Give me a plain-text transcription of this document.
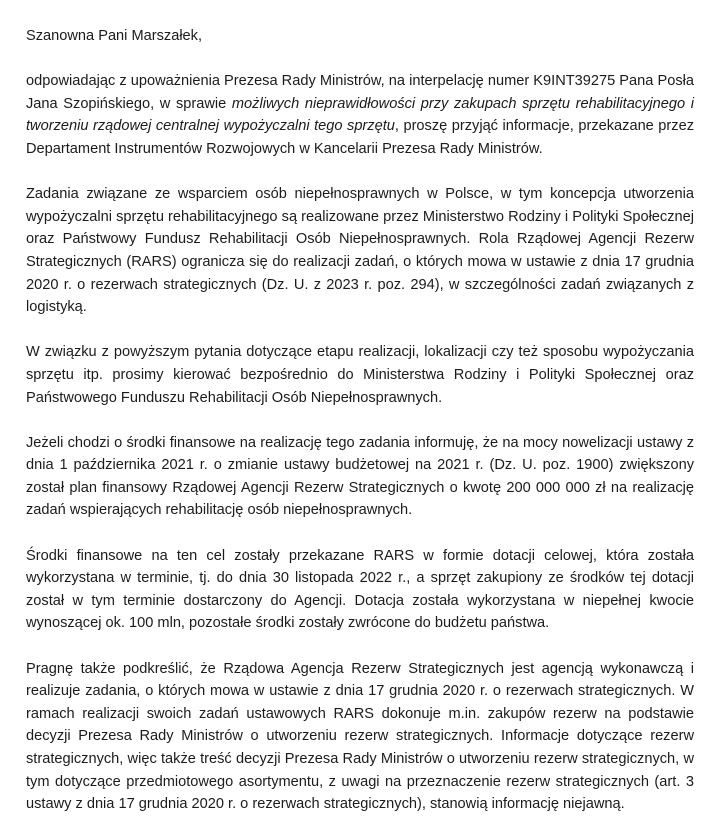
Szanowna Pani Marszałek,

odpowiadając z upoważnienia Prezesa Rady Ministrów, na interpelację numer K9INT39275 Pana Posła Jana Szopińskiego, w sprawie możliwych nieprawidłowości przy zakupach sprzętu rehabilitacyjnego i tworzeniu rządowej centralnej wypożyczalni tego sprzętu, proszę przyjąć informacje, przekazane przez Departament Instrumentów Rozwojowych w Kancelarii Prezesa Rady Ministrów.

Zadania związane ze wsparciem osób niepełnosprawnych w Polsce, w tym koncepcja utworzenia wypożyczalni sprzętu rehabilitacyjnego są realizowane przez Ministerstwo Rodziny i Polityki Społecznej oraz Państwowy Fundusz Rehabilitacji Osób Niepełnosprawnych. Rola Rządowej Agencji Rezerw Strategicznych (RARS) ogranicza się do realizacji zadań, o których mowa w ustawie z dnia 17 grudnia 2020 r. o rezerwach strategicznych (Dz. U. z 2023 r. poz. 294), w szczególności zadań związanych z logistyką.

W związku z powyższym pytania dotyczące etapu realizacji, lokalizacji czy też sposobu wypożyczania sprzętu itp. prosimy kierować bezpośrednio do Ministerstwa Rodziny i Polityki Społecznej oraz Państwowego Funduszu Rehabilitacji Osób Niepełnosprawnych.

Jeżeli chodzi o środki finansowe na realizację tego zadania informuję, że na mocy nowelizacji ustawy z dnia 1 października 2021 r. o zmianie ustawy budżetowej na 2021 r. (Dz. U. poz. 1900) zwiększony został plan finansowy Rządowej Agencji Rezerw Strategicznych o kwotę 200 000 000 zł na realizację zadań wspierających rehabilitację osób niepełnosprawnych.

Środki finansowe na ten cel zostały przekazane RARS w formie dotacji celowej, która została wykorzystana w terminie, tj. do dnia 30 listopada 2022 r., a sprzęt zakupiony ze środków tej dotacji został w tym terminie dostarczony do Agencji. Dotacja została wykorzystana w niepełnej kwocie wynoszącej ok. 100 mln, pozostałe środki zostały zwrócone do budżetu państwa.

Pragnę także podkreślić, że Rządowa Agencja Rezerw Strategicznych jest agencją wykonawczą i realizuje zadania, o których mowa w ustawie z dnia 17 grudnia 2020 r. o rezerwach strategicznych. W ramach realizacji swoich zadań ustawowych RARS dokonuje m.in. zakupów rezerw na podstawie decyzji Prezesa Rady Ministrów o utworzeniu rezerw strategicznych. Informacje dotyczące rezerw strategicznych, więc także treść decyzji Prezesa Rady Ministrów o utworzeniu rezerw strategicznych, w tym dotyczące przedmiotowego asortymentu, z uwagi na przeznaczenie rezerw strategicznych (art. 3 ustawy z dnia 17 grudnia 2020 r. o rezerwach strategicznych), stanowią informację niejawną.
